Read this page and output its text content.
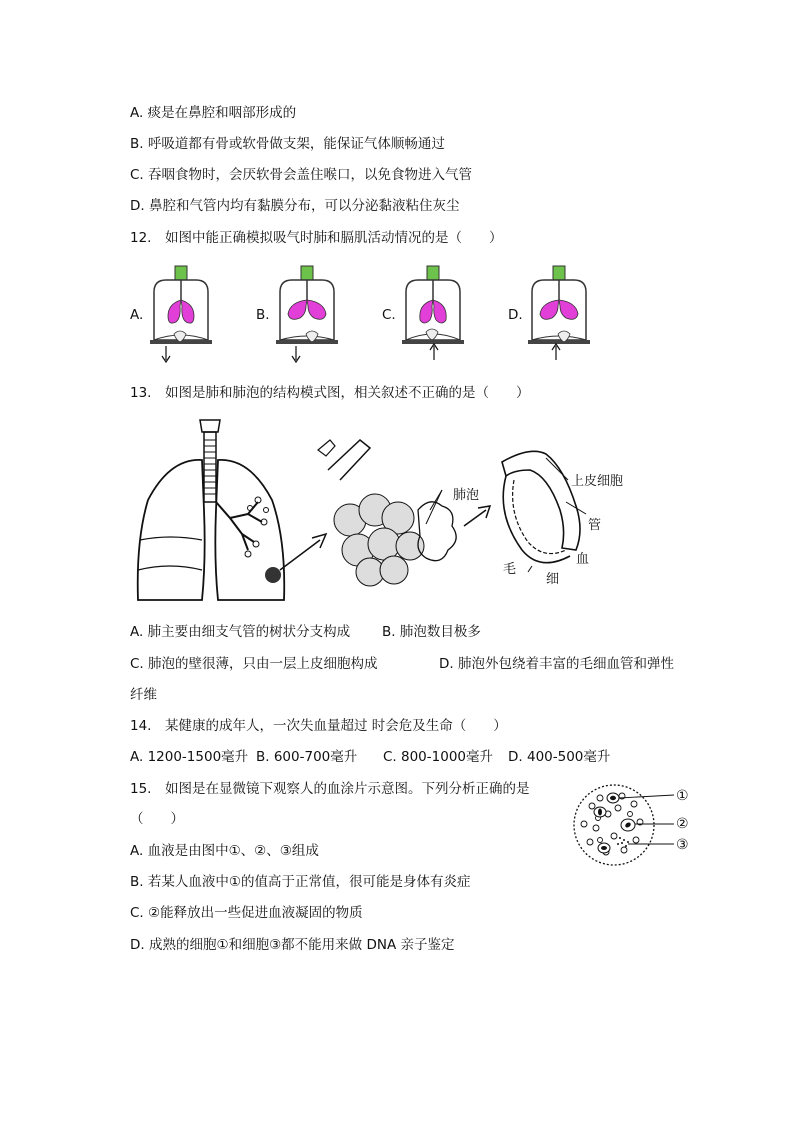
A. 痰是在鼻腔和咽部形成的
B. 呼吸道都有骨或软骨做支架，能保证气体顺畅通过
C. 吞咽食物时，会厌软骨会盖住喉口，以免食物进入气管
D. 鼻腔和气管内均有黏膜分布，可以分泌黏液粘住灰尘
12.　如图中能正确模拟吸气时肺和膈肌活动情况的是（　　）
A.	B.	C.	D.
13.　如图是肺和肺泡的结构模式图，相关叙述不正确的是（　　）
肺泡
上皮细胞
管
血
毛
细
A. 肺主要由细支气管的树状分支构成 B. 肺泡数目极多
C. 肺泡的壁很薄，只由一层上皮细胞构成	D. 肺泡外包绕着丰富的毛细血管和弹性
纤维
14.　某健康的成年人，一次失血量超过 时会危及生命（　　）
A. 1200-1500毫升 B. 600-700毫升 C. 800-1000毫升 D. 400-500毫升
15.　如图是在显微镜下观察人的血涂片示意图。下列分析正确的是
（　　）
A. 血液是由图中①、②、③组成
B. 若某人血液中①的值高于正常值，很可能是身体有炎症
C. ②能释放出一些促进血液凝固的物质
D. 成熟的细胞①和细胞③都不能用来做 DNA 亲子鉴定
①
②
③
